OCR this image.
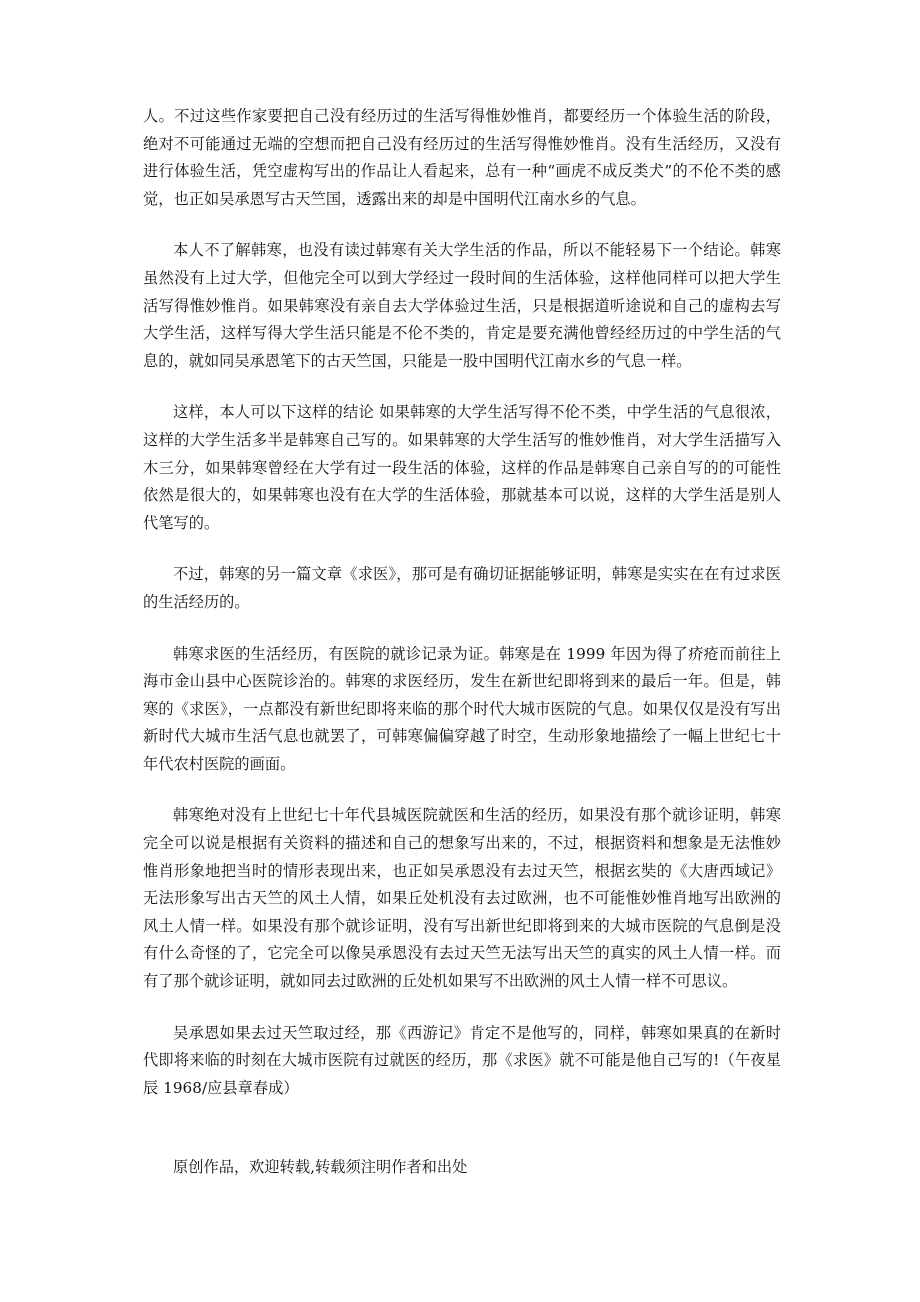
人。不过这些作家要把自己没有经历过的生活写得惟妙惟肖，都要经历一个体验生活的阶段，绝对不可能通过无端的空想而把自己没有经历过的生活写得惟妙惟肖。没有生活经历，又没有进行体验生活，凭空虚构写出的作品让人看起来，总有一种“画虎不成反类犬”的不伦不类的感觉，也正如吴承恩写古天竺国，透露出来的却是中国明代江南水乡的气息。

本人不了解韩寒，也没有读过韩寒有关大学生活的作品，所以不能轻易下一个结论。韩寒虽然没有上过大学，但他完全可以到大学经过一段时间的生活体验，这样他同样可以把大学生活写得惟妙惟肖。如果韩寒没有亲自去大学体验过生活，只是根据道听途说和自己的虚构去写大学生活，这样写得大学生活只能是不伦不类的，肯定是要充满他曾经经历过的中学生活的气息的，就如同吴承恩笔下的古天竺国，只能是一股中国明代江南水乡的气息一样。

这样，本人可以下这样的结论 如果韩寒的大学生活写得不伦不类，中学生活的气息很浓，这样的大学生活多半是韩寒自己写的。如果韩寒的大学生活写的惟妙惟肖，对大学生活描写入木三分，如果韩寒曾经在大学有过一段生活的体验，这样的作品是韩寒自己亲自写的的可能性依然是很大的，如果韩寒也没有在大学的生活体验，那就基本可以说，这样的大学生活是别人代笔写的。

不过，韩寒的另一篇文章《求医》，那可是有确切证据能够证明，韩寒是实实在在有过求医的生活经历的。

韩寒求医的生活经历，有医院的就诊记录为证。韩寒是在 1999 年因为得了疥疮而前往上海市金山县中心医院诊治的。韩寒的求医经历，发生在新世纪即将到来的最后一年。但是，韩寒的《求医》，一点都没有新世纪即将来临的那个时代大城市医院的气息。如果仅仅是没有写出新时代大城市生活气息也就罢了，可韩寒偏偏穿越了时空，生动形象地描绘了一幅上世纪七十年代农村医院的画面。

韩寒绝对没有上世纪七十年代县城医院就医和生活的经历，如果没有那个就诊证明，韩寒完全可以说是根据有关资料的描述和自己的想象写出来的，不过，根据资料和想象是无法惟妙惟肖形象地把当时的情形表现出来，也正如吴承恩没有去过天竺，根据玄奘的《大唐西域记》无法形象写出古天竺的风土人情，如果丘处机没有去过欧洲，也不可能惟妙惟肖地写出欧洲的风土人情一样。如果没有那个就诊证明，没有写出新世纪即将到来的大城市医院的气息倒是没有什么奇怪的了，它完全可以像吴承恩没有去过天竺无法写出天竺的真实的风土人情一样。而有了那个就诊证明，就如同去过欧洲的丘处机如果写不出欧洲的风土人情一样不可思议。

吴承恩如果去过天竺取过经，那《西游记》肯定不是他写的，同样，韩寒如果真的在新时代即将来临的时刻在大城市医院有过就医的经历，那《求医》就不可能是他自己写的!（午夜星辰 1968/应县章春成）

原创作品，欢迎转载,转载须注明作者和出处
